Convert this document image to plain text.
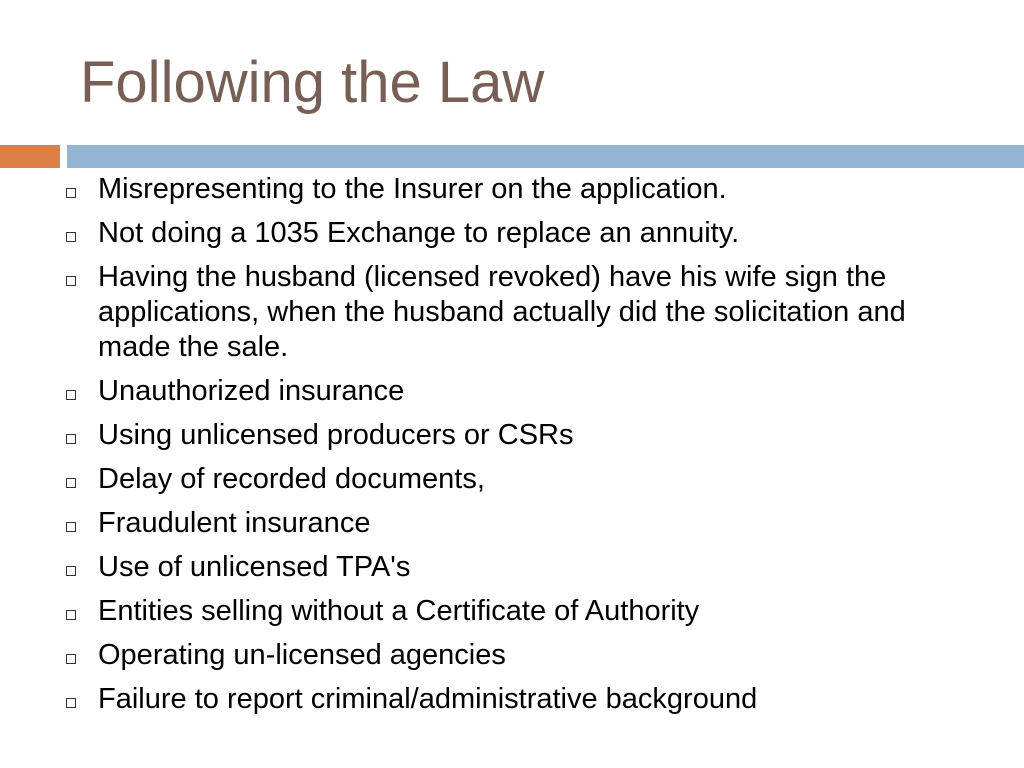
Following the Law
Misrepresenting to the Insurer on the application.
Not doing a 1035 Exchange to replace an annuity.
Having the husband (licensed revoked) have his wife sign the applications, when the husband actually did the solicitation and made the sale.
Unauthorized insurance
Using unlicensed producers or CSRs
Delay of recorded documents,
Fraudulent insurance
Use of unlicensed TPA's
Entities selling without a Certificate of Authority
Operating un-licensed agencies
Failure to report criminal/administrative background
